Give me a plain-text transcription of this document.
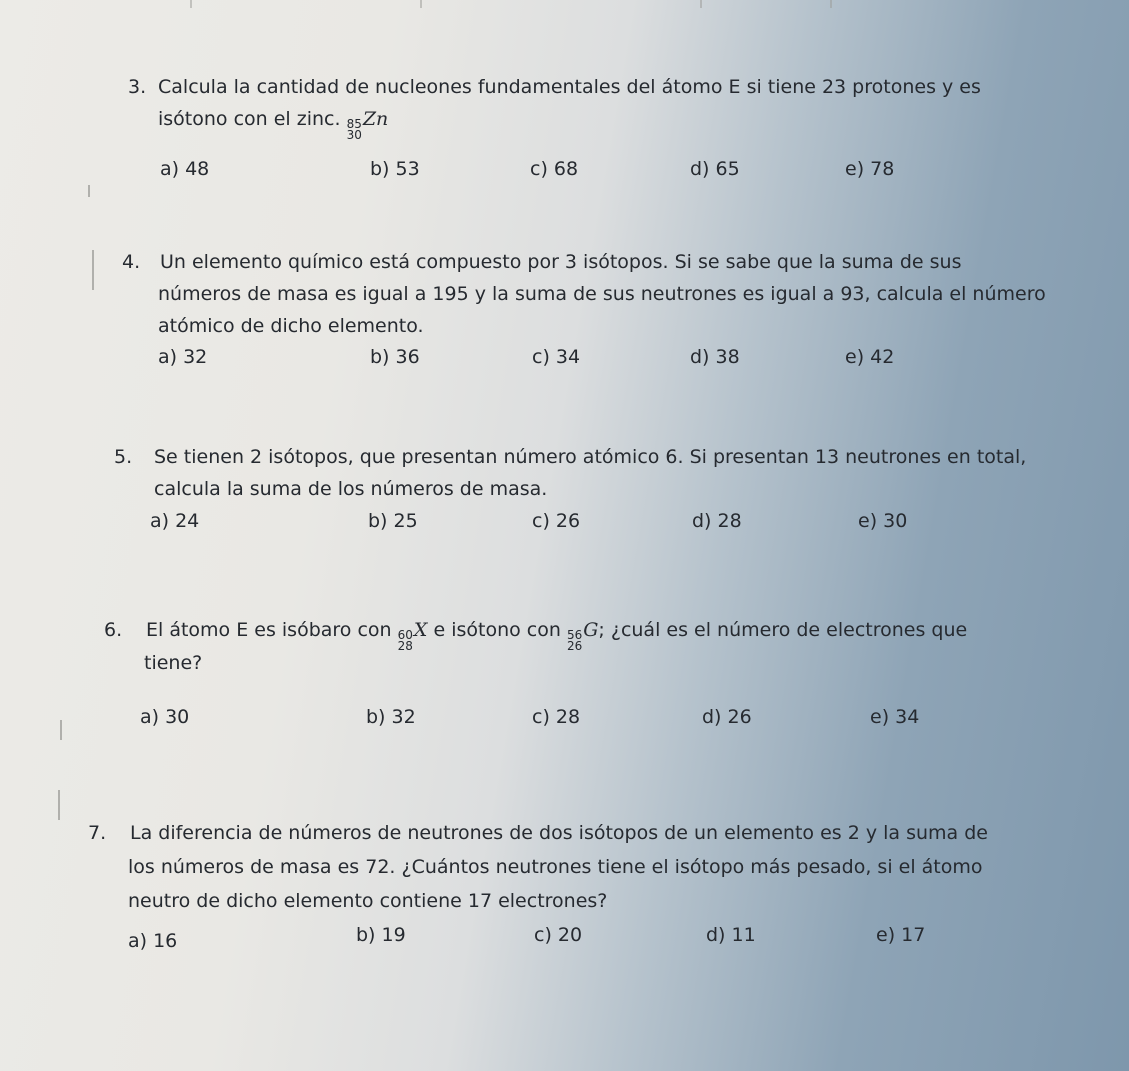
3. Calcula la cantidad de nucleones fundamentales del átomo E si tiene 23 protones y es
isótono con el zinc. 85
30
Zn
a) 48	b) 53	c) 68	d) 65	e) 78
4. Un elemento químico está compuesto por 3 isótopos. Si se sabe que la suma de sus
números de masa es igual a 195 y la suma de sus neutrones es igual a 93, calcula el número
atómico de dicho elemento.
a) 32	b) 36	c) 34	d) 38	e) 42
5. Se tienen 2 isótopos, que presentan número atómico 6. Si presentan 13 neutrones en total,
calcula la suma de los números de masa.
a) 24	b) 25	c) 26	d) 28	e) 30
6. El átomo E es isóbaro con 60
28
X e isótono con 56
26
G; ¿cuál es el número de electrones que
tiene?
a) 30	b) 32	c) 28	d) 26	e) 34
7. La diferencia de números de neutrones de dos isótopos de un elemento es 2 y la suma de
los números de masa es 72. ¿Cuántos neutrones tiene el isótopo más pesado, si el átomo
neutro de dicho elemento contiene 17 electrones?
a) 16	b) 19	c) 20	d) 11	e) 17
